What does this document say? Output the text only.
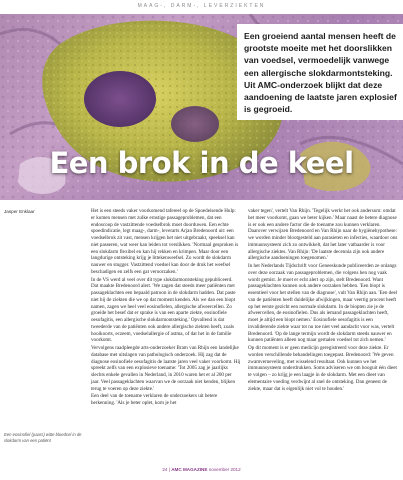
MAAG-, DARM-, LEVERZIEKTEN

Een groeiend aantal mensen heeft de grootste moeite met het doorslikken van voedsel, vermoedelijk vanwege een allergische slokdarmontsteking. Uit AMC-onderzoek blijkt dat deze aandoening de laatste jaren explosief is gegroeid.

Een brok in de keel
Jasper Enklaar
Een eosinofiel (paars) witte bloedcel in de slokdarm van een patiënt

Het is een steeds vaker voorkomend tafereel op de Spoedeisende Hulp: er komen mensen met zulke ernstige passageproblemen, dat een endoscoop de vastzittende voedselbrok moet doorduwen. Een echte spoedindicatie, legt maag-, darm-, leverarts Arjan Bredenoord uit: een voedselbrok zit vast, mensen krijgen het niet uitgebraakt, speeksel kan niet passeren, wat weer kan leiden tot verslikken. 'Normaal gesproken is een slokdarm flexibel en kan hij rekken en krimpen. Maar door een langdurige ontsteking krijg je littekenweefsel. Zo wordt de slokdarm nauwer en stugger. Vastzittend voedsel kan door de druk het weefsel beschadigen en zelfs een gat veroorzaken.'

In de VS werd al veel over dit type slokdarmontsteking gepubliceerd. Dat maakte Bredenoord alert. 'We zagen dat steeds meer patiënten met passageklachten een bepaald patroon in de slokdarm hadden. Dat paste niet bij de ziekten die we op dat moment kenden. Als we dan een biopt namen, zagen we heel veel eosinofielen, allergische afweercellen. Zo groeide het besef dat er sprake is van een aparte ziekte, eosinofiele oesofagitis, een allergische slokdarmontsteking.' Opvallend is dat tweederde van de patiënten ook andere allergische ziekten heeft, zoals hooikoorts, eczeem, voedselallergie of astma, of dat het in de familie voorkomt.

Vervolgens raadpleegde arts-onderzoeker Bram van Rhijn een landelijke database met uitslagen van pathologisch onderzoek. Hij zag dat de diagnose eosinofiele oesofagitis de laatste jaren veel vaker voorkomt. Hij spreekt zelfs van een explosieve toename: 'Tot 2005 zag je jaarlijks slechts enkele gevallen in Nederland, in 2010 waren het er al 200 per jaar. Veel passageklachten waarvan we de oorzaak niet kenden, blijken terug te voeren op deze ziekte.'

Een deel van de toename verklaren de onderzoekers uit betere herkenning. 'Als je beter oplet, kom je het

vaker tegen', vertelt Van Rhijn. 'Tegelijk werkt het ook andersom: omdat het meer voorkomt, gaan we beter kijken.' Maar naast de betere diagnose is er ook een andere factor die de toename zou kunnen verklaren. Daarover verwijzen Bredenoord en Van Rhijn naar de hygiënehypothese: we worden minder blootgesteld aan parasieten en infecties, waardoor ons immuunsysteem zich zo ontwikkelt, dat het later vatbaarder is voor allergische ziektes. Van Rhijn: 'De laatste decennia zijn ook andere allergische aandoeningen toegenomen.'

In het Nederlands Tijdschrift voor Geneeskunde publiceerden ze onlangs over deze oorzaak van passageproblemen, die volgens hen nog vaak wordt gemist. Je moet er echt alert op zijn, stelt Bredenoord. Want passageklachten kunnen ook andere oorzaken hebben. 'Een biopt is essentieel voor het stellen van de diagnose', vult Van Rhijn aan. 'Een deel van de patiënten heeft duidelijke afwijkingen, maar veertig procent heeft op het eerste gezicht een normale slokdarm. In de biopten zie je de afweercellen, de eosinofielen. Dus als iemand passageklachten heeft, moet je altijd een biopt nemen.' Eosinofiele oesofagitis is een invaliderende ziekte waar tot nu toe niet veel aandacht voor was, vertelt Bredenoord. 'Op de lange termijn wordt de slokdarm steeds nauwer en kunnen patiënten alleen nog maar gemalen voedsel tot zich nemen.'

Op dit moment is er geen medicijn geregistreerd voor deze ziekte. Er worden verschillende behandelingen toegepast. Bredenoord: 'We geven zwamverneveling, met wisselend resultaat. Ook kunnen we het immuunsysteem onderdrukken. Soms adviseren we om hooguit één dieet te volgen – zo krijg je een laagje in de slokdarm. Met een dieet van elementaire voeding verdwijnt al snel de ontsteking. Dan geneest de ziekte, maar dat is eigenlijk niet vol te houden.'

24 | AMC MAGAZINE november 2012
